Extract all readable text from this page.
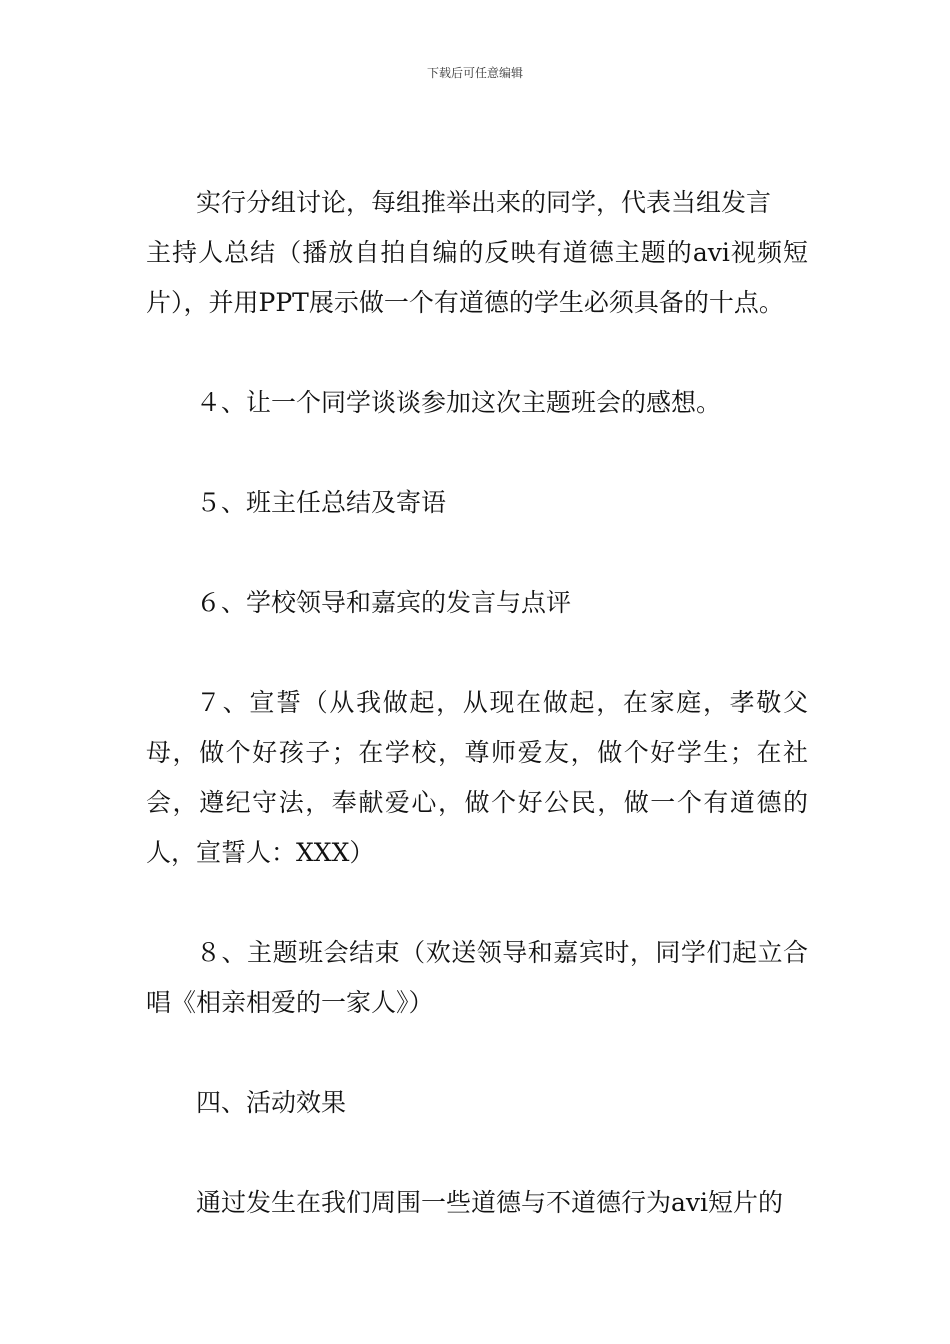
下载后可任意编辑

实行分组讨论，每组推举出来的同学，代表当组发言

主持人总结（播放自拍自编的反映有道德主题的avi视频短片），并用PPT展示做一个有道德的学生必须具备的十点。

４、让一个同学谈谈参加这次主题班会的感想。

５、班主任总结及寄语

６、学校领导和嘉宾的发言与点评

７、宣誓（从我做起，从现在做起，在家庭，孝敬父母，做个好孩子；在学校，尊师爱友，做个好学生；在社会，遵纪守法，奉献爱心，做个好公民，做一个有道德的人，宣誓人：XXX）

８、主题班会结束（欢送领导和嘉宾时，同学们起立合唱《相亲相爱的一家人》）

四、活动效果

通过发生在我们周围一些道德与不道德行为avi短片的
